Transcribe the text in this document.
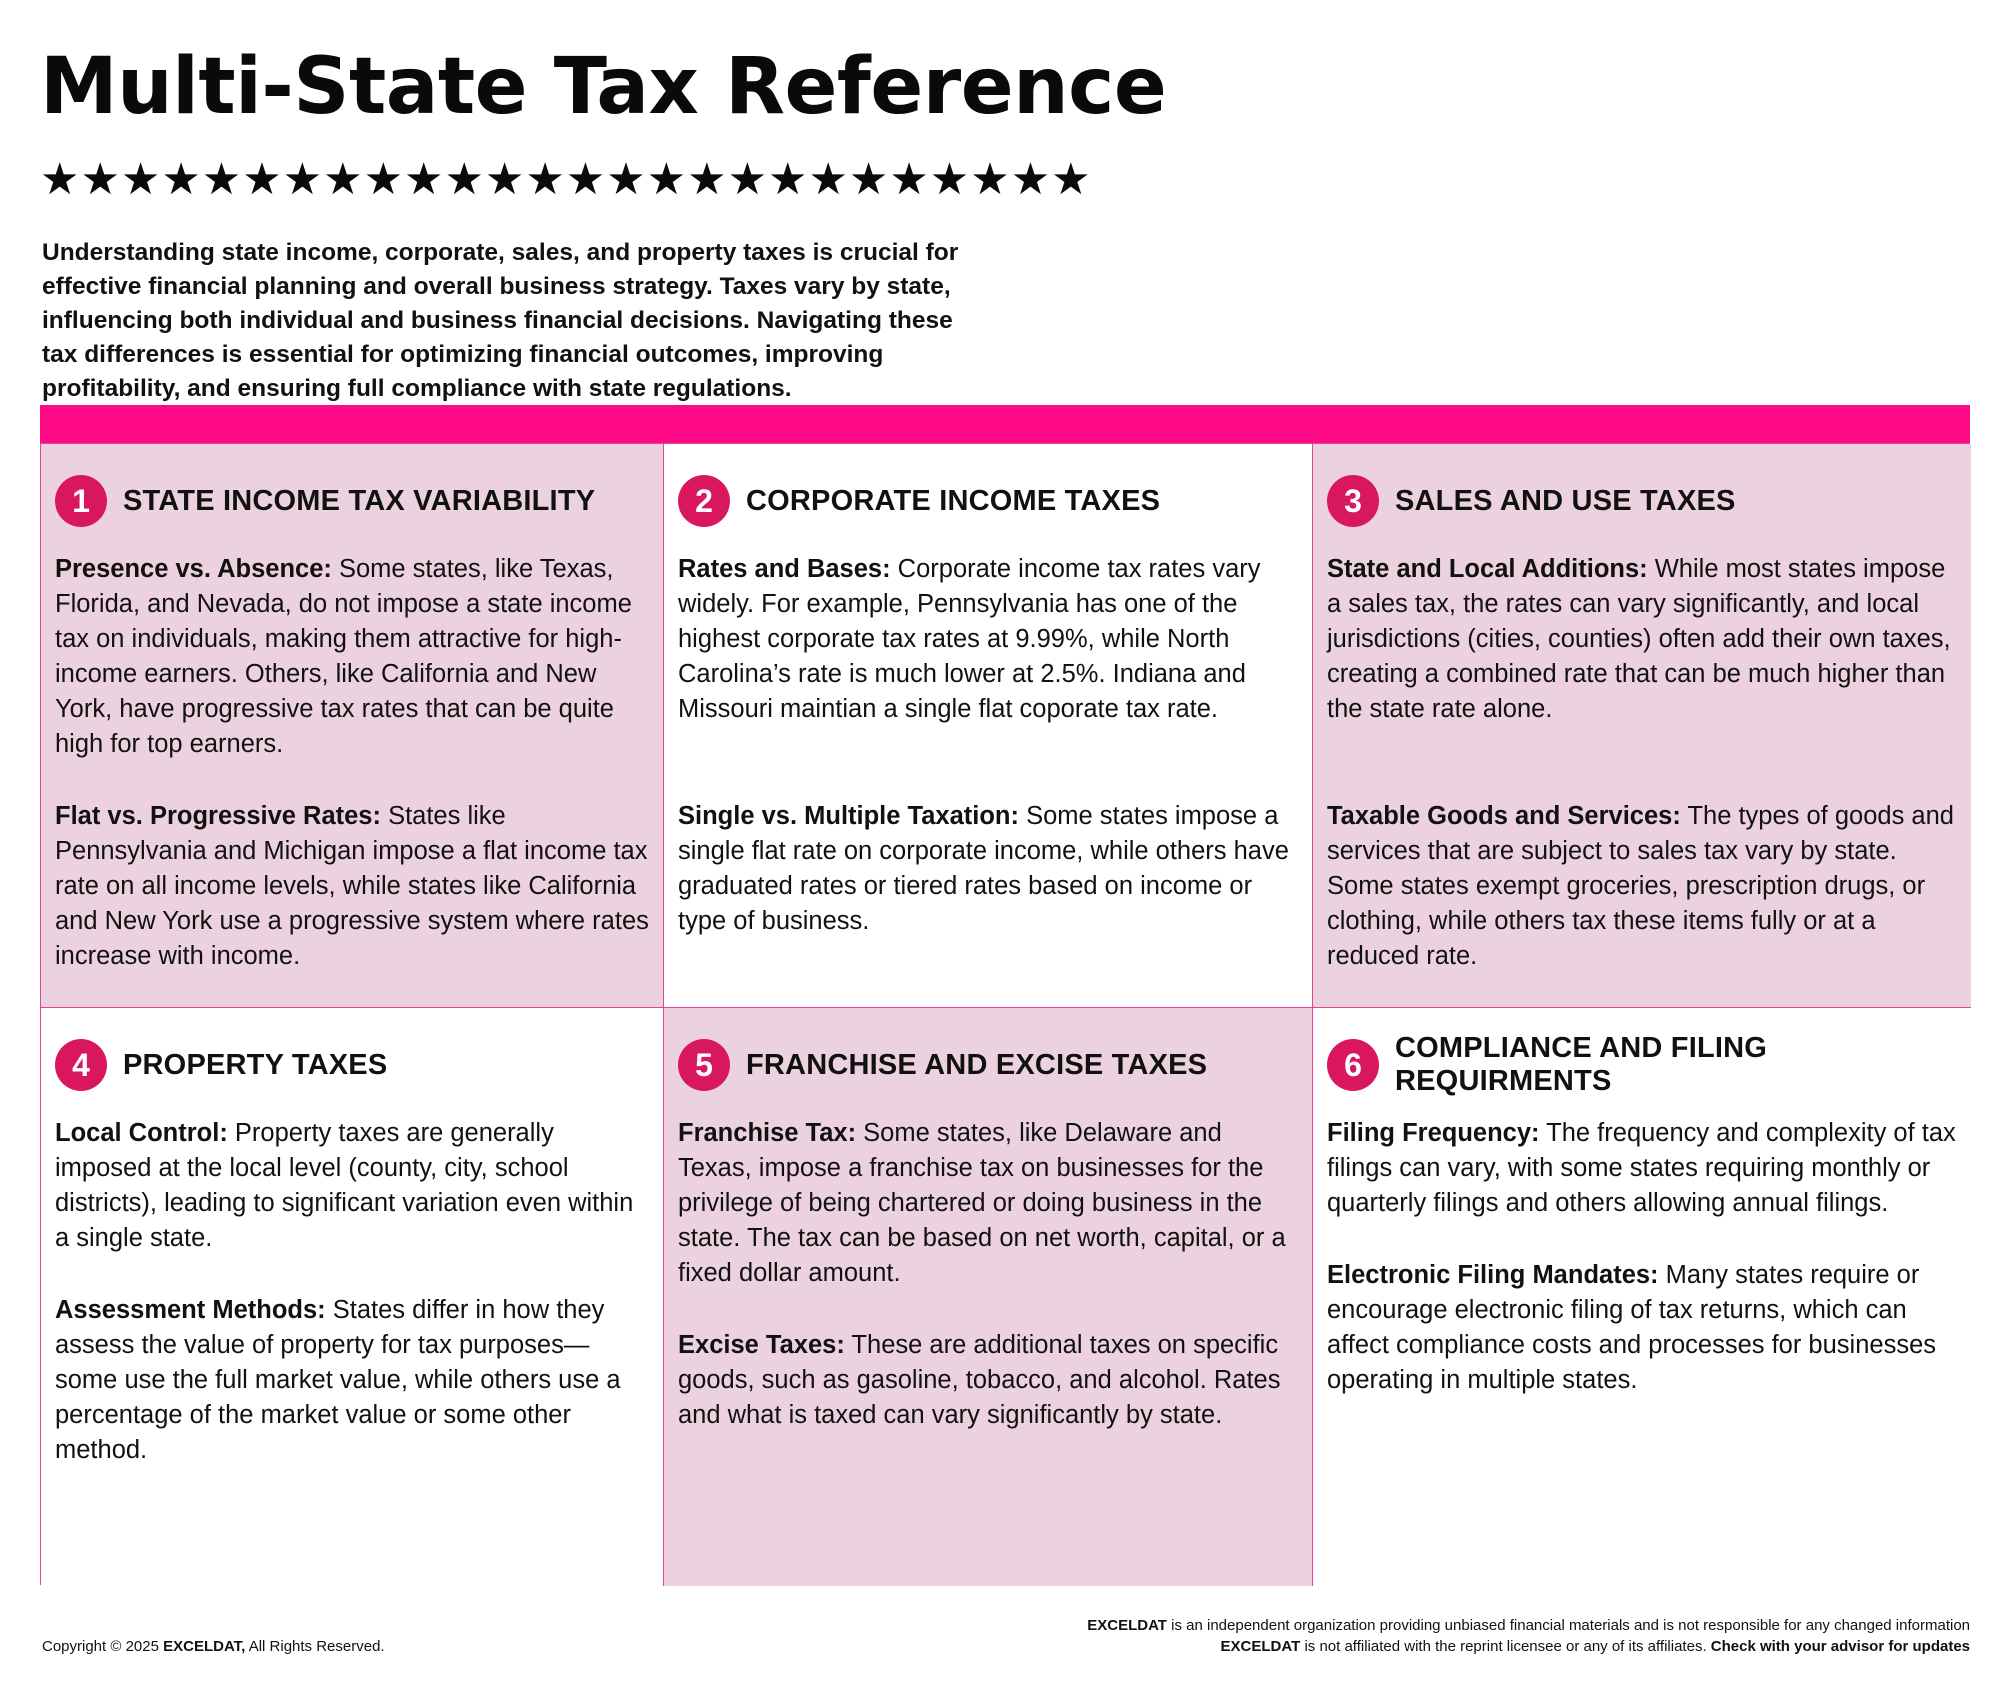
Multi-State Tax Reference
★★★★★★★★★★★★★★★★★★★★★★★★★★

Understanding state income, corporate, sales, and property taxes is crucial for effective financial planning and overall business strategy. Taxes vary by state, influencing both individual and business financial decisions. Navigating these tax differences is essential for optimizing financial outcomes, improving profitability, and ensuring full compliance with state regulations.

1	STATE INCOME TAX VARIABILITY

Presence vs. Absence: Some states, like Texas, Florida, and Nevada, do not impose a state income tax on individuals, making them attractive for high-income earners. Others, like California and New York, have progressive tax rates that can be quite high for top earners.

Flat vs. Progressive Rates: States like Pennsylvania and Michigan impose a flat income tax rate on all income levels, while states like California and New York use a progressive system where rates increase with income.

2	CORPORATE INCOME TAXES

Rates and Bases: Corporate income tax rates vary widely. For example, Pennsylvania has one of the highest corporate tax rates at 9.99%, while North Carolina’s rate is much lower at 2.5%. Indiana and Missouri maintian a single flat coporate tax rate.

Single vs. Multiple Taxation: Some states impose a single flat rate on corporate income, while others have graduated rates or tiered rates based on income or type of business.

3	SALES AND USE TAXES

State and Local Additions: While most states impose a sales tax, the rates can vary significantly, and local jurisdictions (cities, counties) often add their own taxes, creating a combined rate that can be much higher than the state rate alone.

Taxable Goods and Services: The types of goods and services that are subject to sales tax vary by state. Some states exempt groceries, prescription drugs, or clothing, while others tax these items fully or at a reduced rate.

4	PROPERTY TAXES

Local Control: Property taxes are generally imposed at the local level (county, city, school districts), leading to significant variation even within a single state.

Assessment Methods: States differ in how they assess the value of property for tax purposes—some use the full market value, while others use a percentage of the market value or some other method.

5	FRANCHISE AND EXCISE TAXES

Franchise Tax: Some states, like Delaware and Texas, impose a franchise tax on businesses for the privilege of being chartered or doing business in the state. The tax can be based on net worth, capital, or a fixed dollar amount.

Excise Taxes: These are additional taxes on specific goods, such as gasoline, tobacco, and alcohol. Rates and what is taxed can vary significantly by state.

6	COMPLIANCE AND FILING REQUIRMENTS

Filing Frequency: The frequency and complexity of tax filings can vary, with some states requiring monthly or quarterly filings and others allowing annual filings.

Electronic Filing Mandates: Many states require or encourage electronic filing of tax returns, which can affect compliance costs and processes for businesses operating in multiple states.

Copyright © 2025 EXCELDAT, All Rights Reserved.
EXCELDAT is an independent organization providing unbiased financial materials and is not responsible for any changed information
EXCELDAT is not affiliated with the reprint licensee or any of its affiliates. Check with your advisor for updates
